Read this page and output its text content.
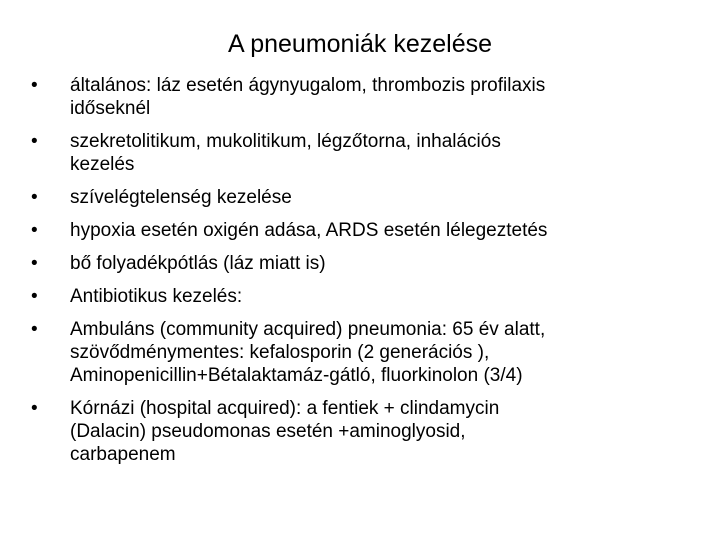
A pneumoniák kezelése
• általános: láz esetén ágynyugalom, thrombozis profilaxis
időseknél
• szekretolitikum, mukolitikum, légzőtorna, inhalációs
kezelés
• szívelégtelenség kezelése
• hypoxia esetén oxigén adása, ARDS esetén lélegeztetés
• bő folyadékpótlás (láz miatt is)
• Antibiotikus kezelés:
• Ambuláns (community acquired) pneumonia: 65 év alatt,
szövődménymentes: kefalosporin (2 generációs ),
Aminopenicillin+Bétalaktamáz-gátló, fluorkinolon (3/4)
• Kórnázi (hospital acquired): a fentiek + clindamycin
(Dalacin) pseudomonas esetén +aminoglyosid,
carbapenem
